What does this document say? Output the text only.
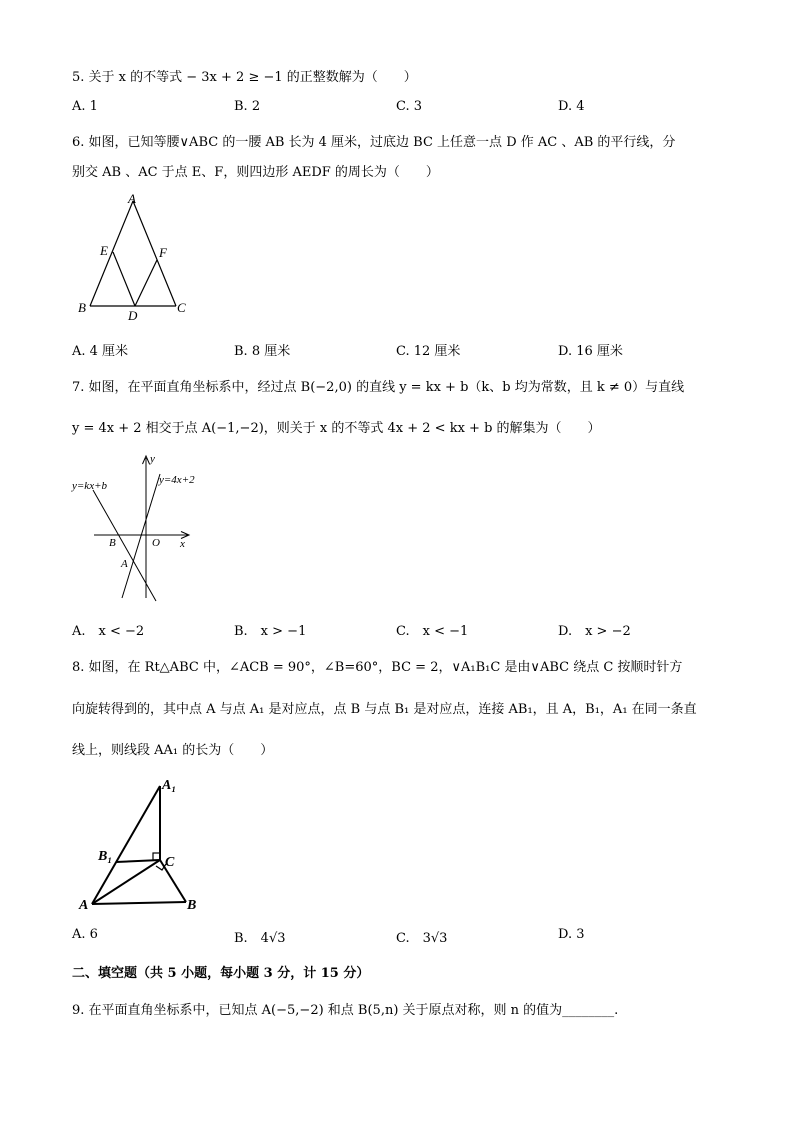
5. 关于 x 的不等式 − 3x + 2 ≥ −1 的正整数解为（　　）
A. 1	B. 2	C. 3	D. 4
6. 如图，已知等腰∨ABC 的一腰 AB 长为 4 厘米，过底边 BC 上任意一点 D 作 AC 、AB 的平行线，分
别交 AB 、AC 于点 E、F，则四边形 AEDF 的周长为（　　）
A
E	F
B
D
C
A. 4 厘米	B. 8 厘米	C. 12 厘米	D. 16 厘米
7. 如图，在平面直角坐标系中，经过点 B(−2,0) 的直线 y = kx + b（k、b 均为常数，且 k ≠ 0）与直线
y = 4x + 2 相交于点 A(−1,−2)，则关于 x 的不等式 4x + 2 < kx + b 的解集为（　　）
y
x
O
B
A
y=kx+b	y=4x+2
A.　x < −2	B.　x > −1	C.　x < −1	D.　x > −2
8. 如图，在 Rt△ABC 中，∠ACB = 90°，∠B=60°，BC = 2，∨A₁B₁C 是由∨ABC 绕点 C 按顺时针方
向旋转得到的，其中点 A 与点 A₁ 是对应点，点 B 与点 B₁ 是对应点，连接 AB₁，且 A，B₁，A₁ 在同一条直
线上，则线段 AA₁ 的长为（　　）
A₁
B₁	C
A	B
A. 6	B.　4√3	C.　3√3	D. 3
二、填空题（共 5 小题，每小题 3 分，计 15 分）
9. 在平面直角坐标系中，已知点 A(−5,−2) 和点 B(5,n) 关于原点对称，则 n 的值为________.
